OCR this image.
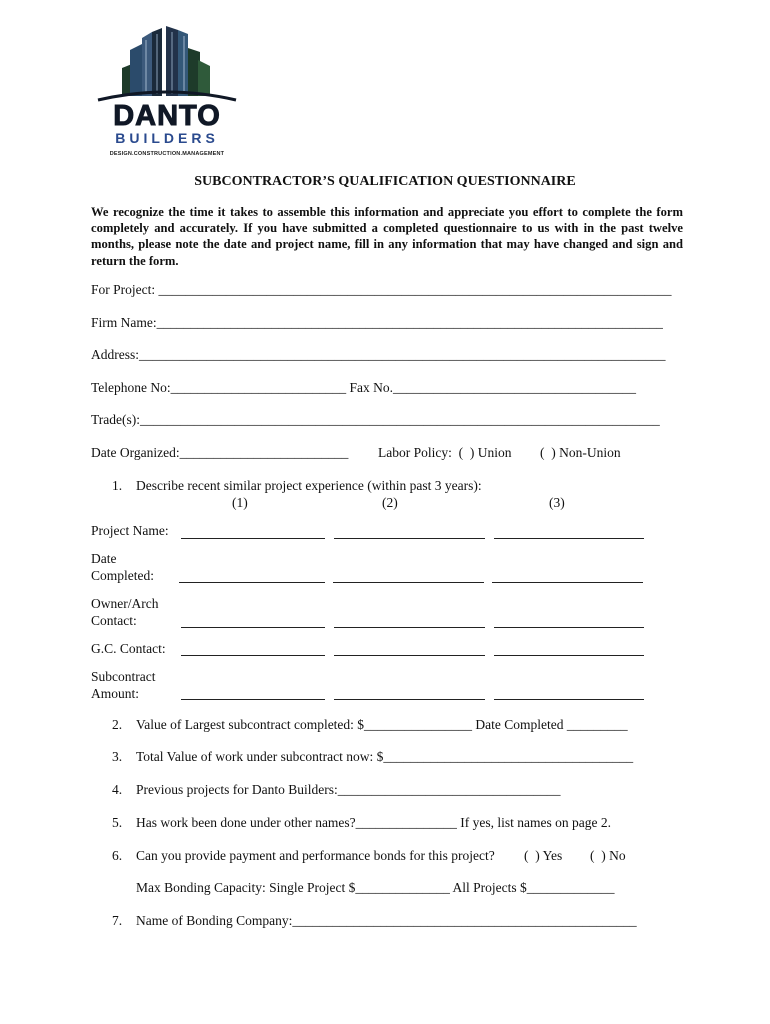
DANTO
BUILDERS
DESIGN.CONSTRUCTION.MANAGEMENT
SUBCONTRACTOR’S QUALIFICATION QUESTIONNAIRE
We recognize the time it takes to assemble this information and appreciate you effort to complete the form completely and accurately. If you have submitted a completed questionnaire to us with in the past twelve months, please note the date and project name, fill in any information that may have changed and sign and return the form.
For Project: ____________________________________________________________________________
Firm Name:___________________________________________________________________________
Address:______________________________________________________________________________
Telephone No:__________________________ Fax No.____________________________________
Trade(s):_____________________________________________________________________________
Date Organized:_________________________ Labor Policy:  (  ) Union (  ) Non-Union
1. Describe recent similar project experience (within past 3 years):
(1)	(2)	(3)
Project Name:
Date
Completed:
Owner/Arch
Contact:
G.C. Contact:
Subcontract
Amount:
2. Value of Largest subcontract completed: $________________ Date Completed _________
3. Total Value of work under subcontract now: $_____________________________________
4. Previous projects for Danto Builders:_________________________________
5. Has work been done under other names?_______________ If yes, list names on page 2.
6. Can you provide payment and performance bonds for this project? (  ) Yes (  ) No
Max Bonding Capacity: Single Project $______________ All Projects $_____________
7. Name of Bonding Company:___________________________________________________
